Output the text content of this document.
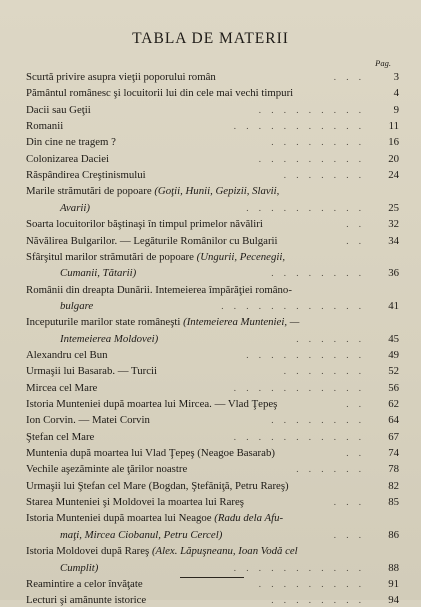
TABLA DE MATERII
Pag.
Scurtă privire asupra vieţii poporului român	. . .	3
Pământul românesc şi locuitorii lui din cele mai vechi timpuri	4
Dacii sau Geţii	. . . . . . . . .	9
Romanii	. . . . . . . . . . .	11
Din cine ne tragem ?	. . . . . . . .	16
Colonizarea Daciei	. . . . . . . . .	20
Răspândirea Creştinismului	. . . . . . .	24
Marile strămutări de popoare (Goţii, Hunii, Gepizii, Slavii,
Avarii)	. . . . . . . . . .	25
Soarta locuitorilor băştinaşi în timpul primelor năvăliri	. .	32
Năvălirea Bulgarilor. — Legăturile Românilor cu Bulgarii	. .	34
Sfârşitul marilor strămutări de popoare (Ungurii, Pecenegii,
Cumanii, Tătarii)	. . . . . . . .	36
Românii din dreapta Dunării. Intemeierea împărăţiei româno-
bulgare	. . . . . . . . . . . .	41
Inceputurile marilor state româneşti (Intemeierea Munteniei, —
Intemeierea Moldovei)	. . . . . .	45
Alexandru cel Bun	. . . . . . . . . .	49
Urmaşii lui Basarab. — Turcii	. . . . . . .	52
Mircea cel Mare	. . . . . . . . . . .	56
Istoria Munteniei după moartea lui Mircea. — Vlad Ţepeş	. .	62
Ion Corvin. — Matei Corvin	. . . . . . . .	64
Ştefan cel Mare	. . . . . . . . . . .	67
Muntenia după moartea lui Vlad Ţepeş (Neagoe Basarab)	. .	74
Vechile aşezăminte ale ţărilor noastre	. . . . . .	78
Urmaşii lui Ştefan cel Mare (Bogdan, Ştefăniţă, Petru Rareş)	82
Starea Munteniei şi Moldovei la moartea lui Rareş	. . .	85
Istoria Munteniei după moartea lui Neagoe (Radu dela Afu-
maţi, Mircea Ciobanul, Petru Cercel)	. . .	86
Istoria Moldovei după Rareş (Alex. Lăpuşneanu, Ioan Vodă cel
Cumplit)	. . . . . . . . . . .	88
Reamintire a celor învăţate	. . . . . . . . .	91
Lecturi şi amănunte istorice	. . . . . . . .	94
